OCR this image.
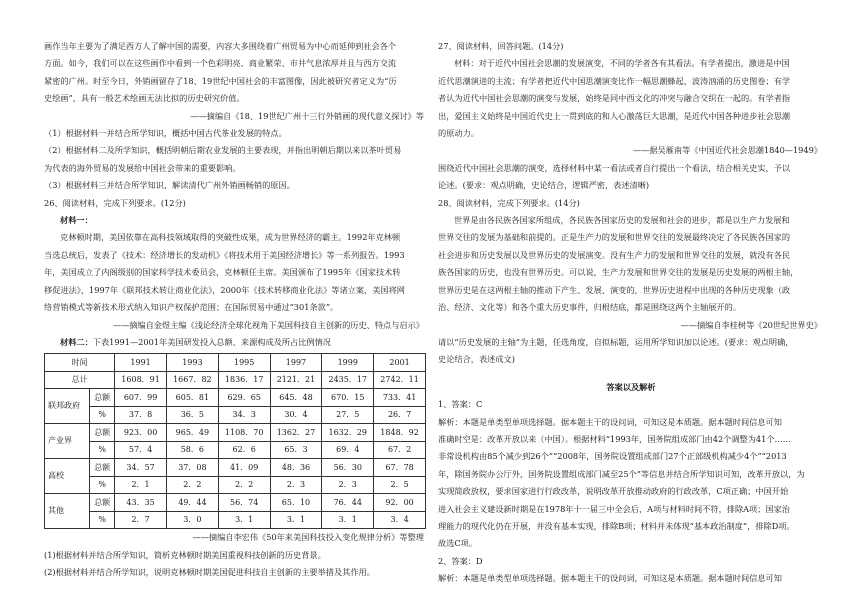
画作当年主要为了满足西方人了解中国的需要，内容大多围绕着广州贸易为中心而延伸到社会各个
方面。如今，我们可以在这些画作中看到一个色彩明亮、商业繁荣、市井气息浓厚并且与西方交流
紧密的广州。时至今日，外销画留存了18、19世纪中国社会的丰富图像，因此被研究者定义为“历
史绘画”，具有一般艺术绘画无法比拟的历史研究价值。
——摘编自《18、19世纪广州十三行外销画的现代意义探讨》等
（1）根据材料一并结合所学知识，概括中国古代茶业发展的特点。
（2）根据材料二及所学知识，概括明朝后期农业发展的主要表现，并指出明朝后期以来以茶叶贸易
为代表的海外贸易的发展给中国社会带来的重要影响。
（3）根据材料三并结合所学知识，解读清代广州外销画畅销的原因。
26、阅读材料，完成下列要求。(12分)
材料一：
克林顿时期，美国依靠在高科技领域取得的突破性成果，成为世界经济的霸主。1992年克林顿
当选总统后，发表了《技术：经济增长的发动机》《将技术用于美国经济增长》等一系列报告。1993
年，美国成立了内阁级别的国家科学技术委员会，克林顿任主席。美国颁布了1995年《国家技术转
移促进法》，1997年《联邦技术转让商业化法》，2000年《技术转移商业化法》等诸立案，美国将网
络营销模式等新技术形式纳入知识产权保护范围；在国际贸易中通过“301条款”。
——摘编自金煜主编《浅论经济全球化视角下美国科技自主创新的历史、特点与启示》
材料二：下表1991—2001年美国研发投入总额、来源构成及所占比例情况
时间		1991	1993	1995	1997	1999	2001
总计		1608．91	1667．82	1836．17	2121．21	2435．17	2742．11
联邦政府	总额	607．99	605．81	629．65	645．48	670．15	733．41
	%	37．8	36．5	34．3	30．4	27．5	26．7
产业界	总额	923．00	965．49	1108．70	1362．27	1632．29	1848．92
	%	57．4	58．6	62．6	65．3	69．4	67．2
高校	总额	34．57	37．08	41．09	48．36	56．30	67．78
	%	2．1	2．2	2．2	2．3	2．3	2．5
其他	总额	43．35	49．44	56．74	65．10	76．44	92．00
	%	2．7	3．0	3．1	3．1	3．1	3．4
——摘编自李宏伟《50年来美国科技投入变化规律分析》等整理
(1)根据材料并结合所学知识，简析克林顿时期美国重视科技创新的历史背景。
(2)根据材料并结合所学知识，说明克林顿时期美国促进科技自主创新的主要举措及其作用。
27、阅读材料，回答问题。(14分)
材料：对于近代中国社会思潮的发展演变，不同的学者各有其看法。有学者提出，激进是中国
近代思潮演进的主流；有学者把近代中国思潮演变比作一幅思潮蜂起、波涛汹涌的历史图卷；有学
者认为近代中国社会思潮的演变与发展，始终是同中西文化的冲突与融合交织在一起的。有学者指
出，爱国主义始终是中国近代史上一贯到底的和人心激荡巨大思潮，是近代中国各种进步社会思潮
的原动力。
——据吴雁南等《中国近代社会思潮1840—1949》
围绕近代中国社会思潮的演变，选择材料中某一看法或者自行提出一个看法，结合相关史实，予以
论述。(要求：观点明确，史论结合，逻辑严密，表述清晰)
28、阅读材料，完成下列要求。(14分)
世界是由各民族各国家所组成，各民族各国家历史的发展和社会的进步，都是以生产力发展和
世界交往的发展为基础和前提的。正是生产力的发展和世界交往的发展最终决定了各民族各国家的
社会进步和历史发展以及世界历史的发展演变。没有生产力的发展和世界交往的发展，就没有各民
族各国家的历史，也没有世界历史。可以说，生产力发展和世界交往的发展是历史发展的两根主轴，
世界历史是在这两根主轴的推动下产生、发展、演变的，世界历史进程中出现的各种历史现象（政
治、经济、文化等）和各个重大历史事件，归根结底，都是围绕这两个主轴展开的。
——摘编自李桂树等《20世纪世界史》
请以“历史发展的主轴”为主题，任选角度，自拟标题，运用所学知识加以论述。(要求：观点明确，
史论结合，表述成文)
答案以及解析
1、答案：C
解析：本题是单类型单项选择题。据本题主干的设问词，可知这是本质题。据本题时间信息可知
准确时空是：改革开放以来（中国）。根据材料“1993年，国务院组成部门由42个调整为41个……
非常设机构由85个减少到26个”“2008年，国务院设置组成部门27个正部级机构减少4个”“2013
年，除国务院办公厅外，国务院设置组成部门减至25个”等信息并结合所学知识可知，改革开放以，为
实现简政放权，要求国家进行行政改革，说明改革开放推动政府的行政改革，C项正确；中国开始
进入社会主义建设新时期是在1978年十一届三中全会后，A项与材料时间不符，排除A项；国家治
理能力的现代化仍在开展，并没有基本实现，排除B项；材料并未体现“基本政治制度”，排除D项。
故选C项。
2、答案：D
解析：本题是单类型单项选择题。据本题主干的设问词，可知这是本质题。据本题时间信息可知
